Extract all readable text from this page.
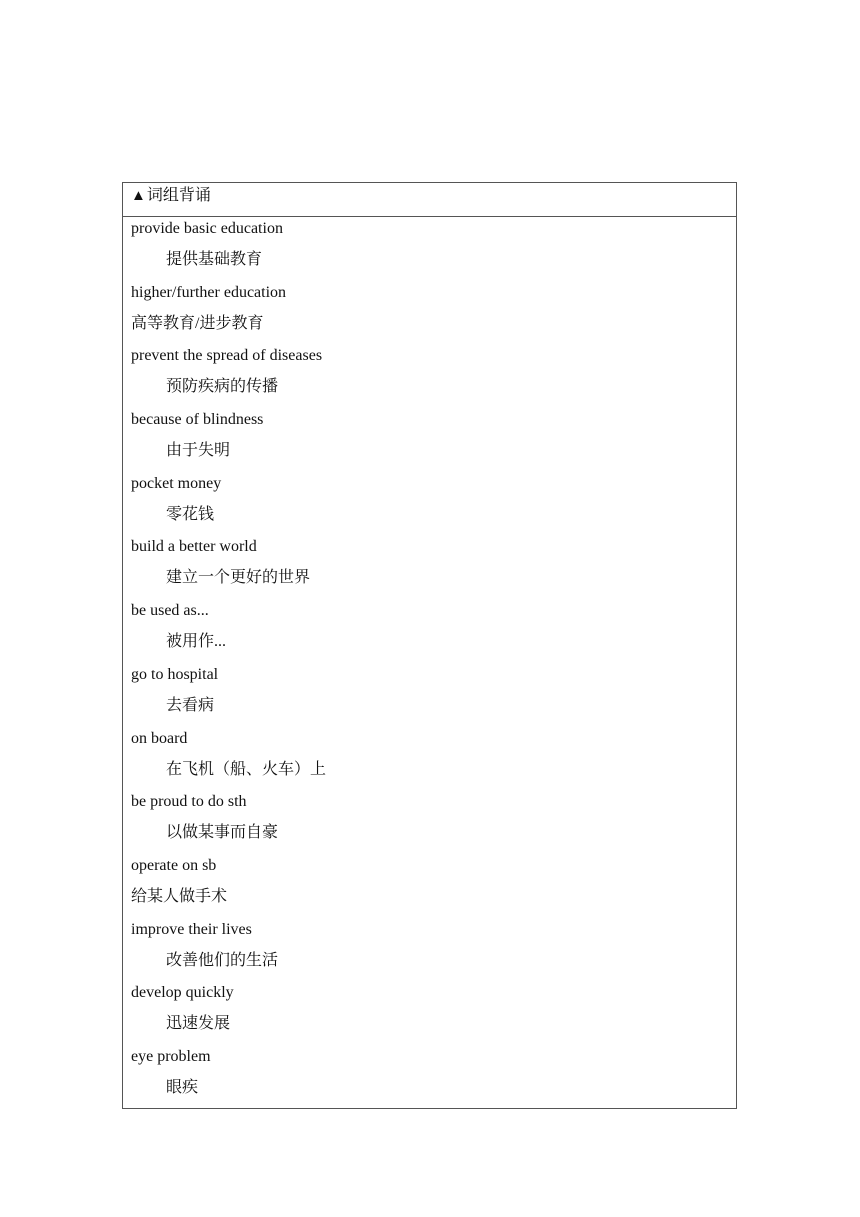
▲词组背诵
provide basic education
提供基础教育
higher/further education
高等教育/进步教育
prevent the spread of diseases
预防疾病的传播
because of blindness
由于失明
pocket money
零花钱
build a better world
建立一个更好的世界
be used as...
被用作...
go to hospital
去看病
on board
在飞机（船、火车）上
be proud to do sth
以做某事而自豪
operate on sb
给某人做手术
improve their lives
改善他们的生活
develop quickly
迅速发展
eye problem
眼疾
